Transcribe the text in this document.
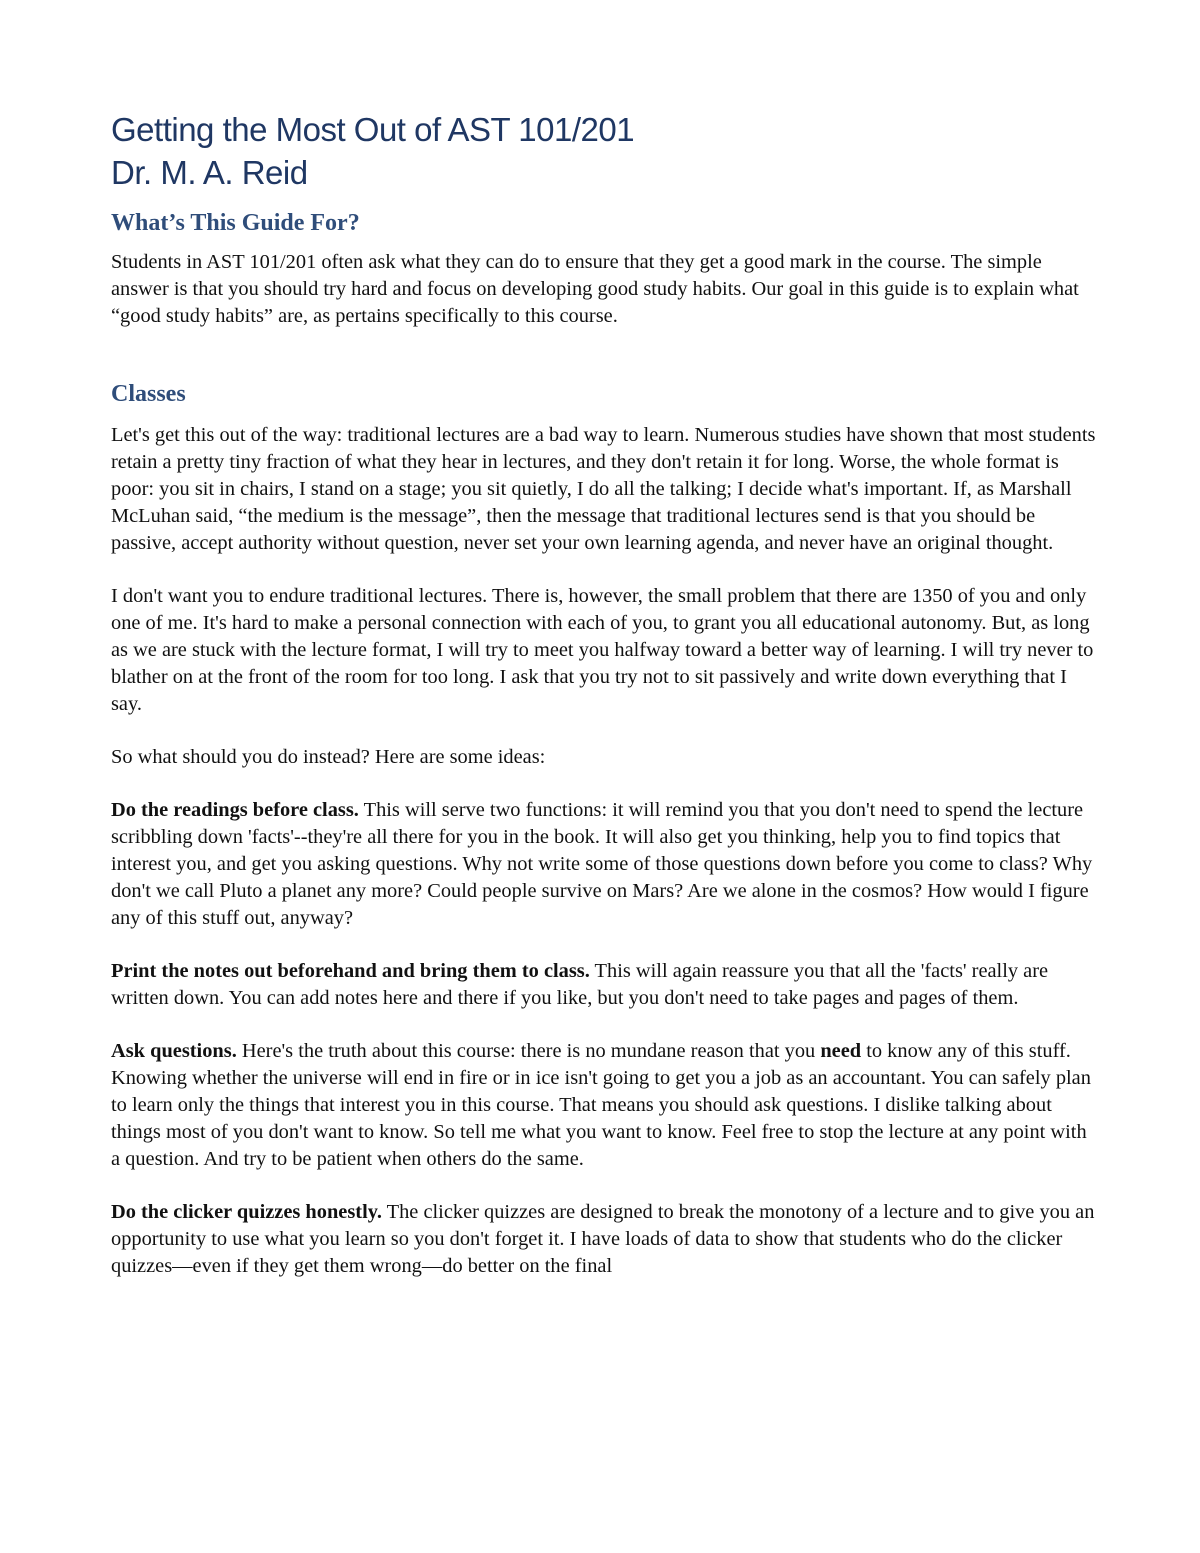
Getting the Most Out of AST 101/201
Dr. M. A. Reid
What’s This Guide For?

Students in AST 101/201 often ask what they can do to ensure that they get a good mark in the course. The simple answer is that you should try hard and focus on developing good study habits. Our goal in this guide is to explain what “good study habits” are, as pertains specifically to this course.

Classes

Let's get this out of the way: traditional lectures are a bad way to learn. Numerous studies have shown that most students retain a pretty tiny fraction of what they hear in lectures, and they don't retain it for long. Worse, the whole format is poor: you sit in chairs, I stand on a stage; you sit quietly, I do all the talking; I decide what's important. If, as Marshall McLuhan said, “the medium is the message”, then the message that traditional lectures send is that you should be passive, accept authority without question, never set your own learning agenda, and never have an original thought.

I don't want you to endure traditional lectures. There is, however, the small problem that there are 1350 of you and only one of me. It's hard to make a personal connection with each of you, to grant you all educational autonomy. But, as long as we are stuck with the lecture format, I will try to meet you halfway toward a better way of learning. I will try never to blather on at the front of the room for too long. I ask that you try not to sit passively and write down everything that I say.

So what should you do instead? Here are some ideas:

Do the readings before class. This will serve two functions: it will remind you that you don't need to spend the lecture scribbling down 'facts'--they're all there for you in the book. It will also get you thinking, help you to find topics that interest you, and get you asking questions. Why not write some of those questions down before you come to class? Why don't we call Pluto a planet any more? Could people survive on Mars? Are we alone in the cosmos? How would I figure any of this stuff out, anyway?

Print the notes out beforehand and bring them to class. This will again reassure you that all the 'facts' really are written down. You can add notes here and there if you like, but you don't need to take pages and pages of them.

Ask questions. Here's the truth about this course: there is no mundane reason that you need to know any of this stuff. Knowing whether the universe will end in fire or in ice isn't going to get you a job as an accountant. You can safely plan to learn only the things that interest you in this course. That means you should ask questions. I dislike talking about things most of you don't want to know. So tell me what you want to know. Feel free to stop the lecture at any point with a question. And try to be patient when others do the same.

Do the clicker quizzes honestly. The clicker quizzes are designed to break the monotony of a lecture and to give you an opportunity to use what you learn so you don't forget it. I have loads of data to show that students who do the clicker quizzes—even if they get them wrong—do better on the final
